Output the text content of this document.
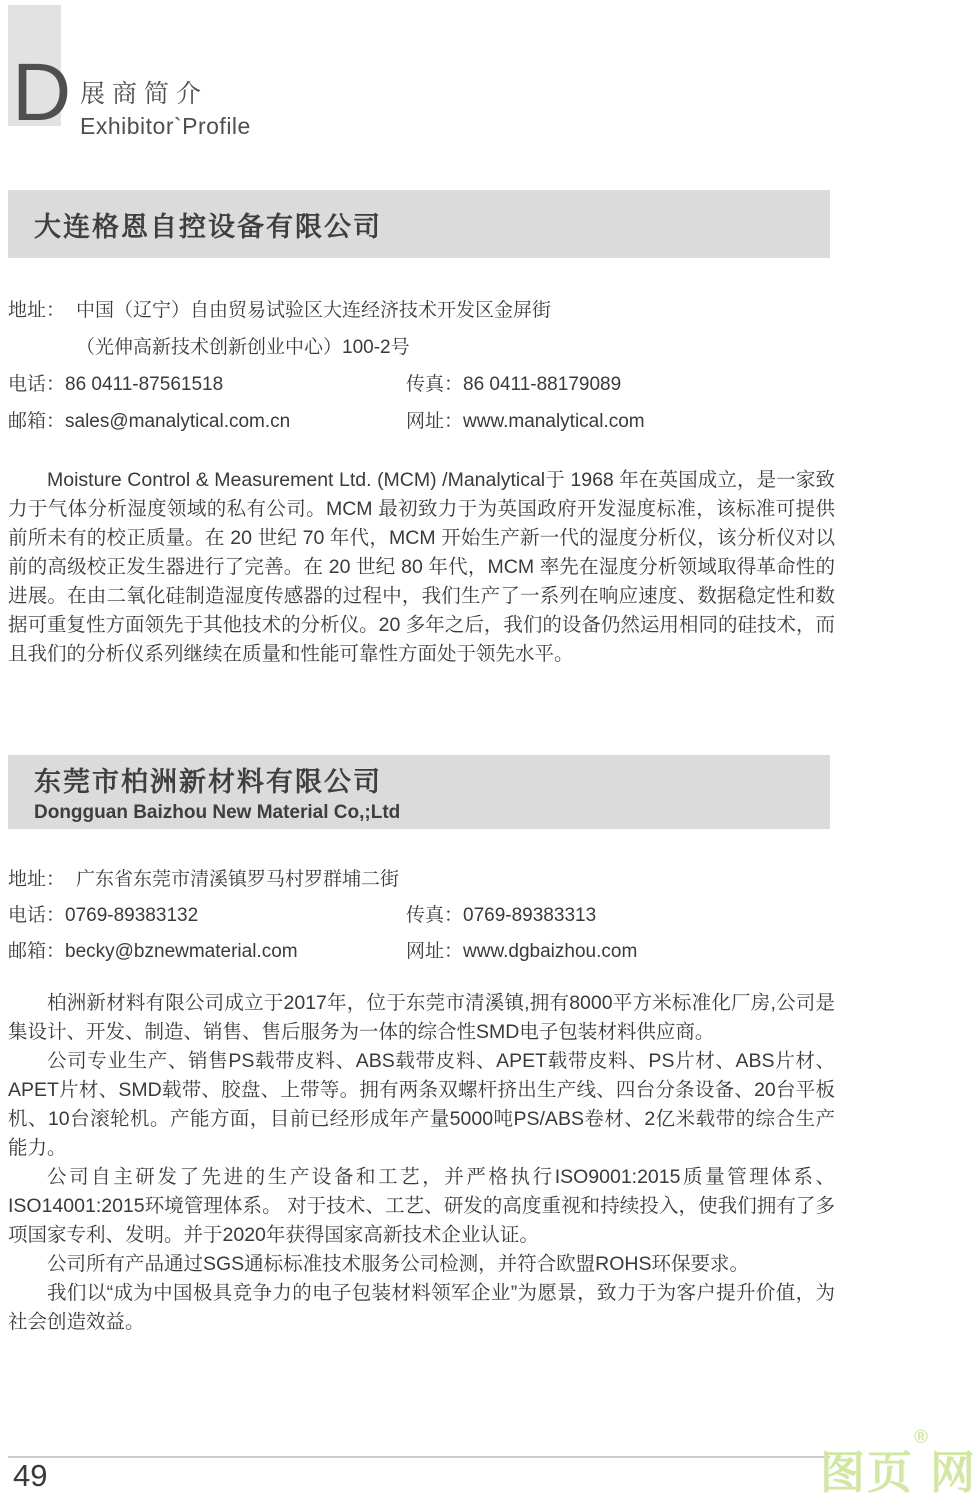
D 展商简介
Exhibitor`Profile
大连格恩自控设备有限公司
地址： 中国（辽宁）自由贸易试验区大连经济技术开发区金屏街
（光伸高新技术创新创业中心）100-2号
电话：86 0411-87561518	传真：86 0411-88179089
邮箱：sales@manalytical.com.cn	网址：www.manalytical.com

Moisture Control & Measurement Ltd. (MCM) /Manalytical于 1968 年在英国成立，是一家致力于气体分析湿度领域的私有公司。MCM 最初致力于为英国政府开发湿度标准，该标准可提供前所未有的校正质量。在 20 世纪 70 年代，MCM 开始生产新一代的湿度分析仪，该分析仪对以前的高级校正发生器进行了完善。在 20 世纪 80 年代，MCM 率先在湿度分析领域取得革命性的进展。在由二氧化硅制造湿度传感器的过程中，我们生产了一系列在响应速度、数据稳定性和数据可重复性方面领先于其他技术的分析仪。20 多年之后，我们的设备仍然运用相同的硅技术，而且我们的分析仪系列继续在质量和性能可靠性方面处于领先水平。

东莞市柏洲新材料有限公司
Dongguan Baizhou New Material Co,;Ltd
地址： 广东省东莞市清溪镇罗马村罗群埔二街
电话：0769-89383132	传真：0769-89383313
邮箱：becky@bznewmaterial.com	网址：www.dgbaizhou.com

柏洲新材料有限公司成立于2017年，位于东莞市清溪镇,拥有8000平方米标准化厂房,公司是集设计、开发、制造、销售、售后服务为一体的综合性SMD电子包装材料供应商。

公司专业生产、销售PS载带皮料、ABS载带皮料、APET载带皮料、PS片材、ABS片材、APET片材、SMD载带、胶盘、上带等。拥有两条双螺杆挤出生产线、四台分条设备、20台平板机、10台滚轮机。产能方面，目前已经形成年产量5000吨PS/ABS卷材、2亿米载带的综合生产能力。

公司自主研发了先进的生产设备和工艺，并严格执行ISO9001:2015质量管理体系、ISO14001:2015环境管理体系。 对于技术、工艺、研发的高度重视和持续投入，使我们拥有了多项国家专利、发明。并于2020年获得国家高新技术企业认证。

公司所有产品通过SGS通标标准技术服务公司检测，并符合欧盟ROHS环保要求。

我们以“成为中国极具竞争力的电子包装材料领军企业”为愿景，致力于为客户提升价值，为社会创造效益。

49	图页®网
